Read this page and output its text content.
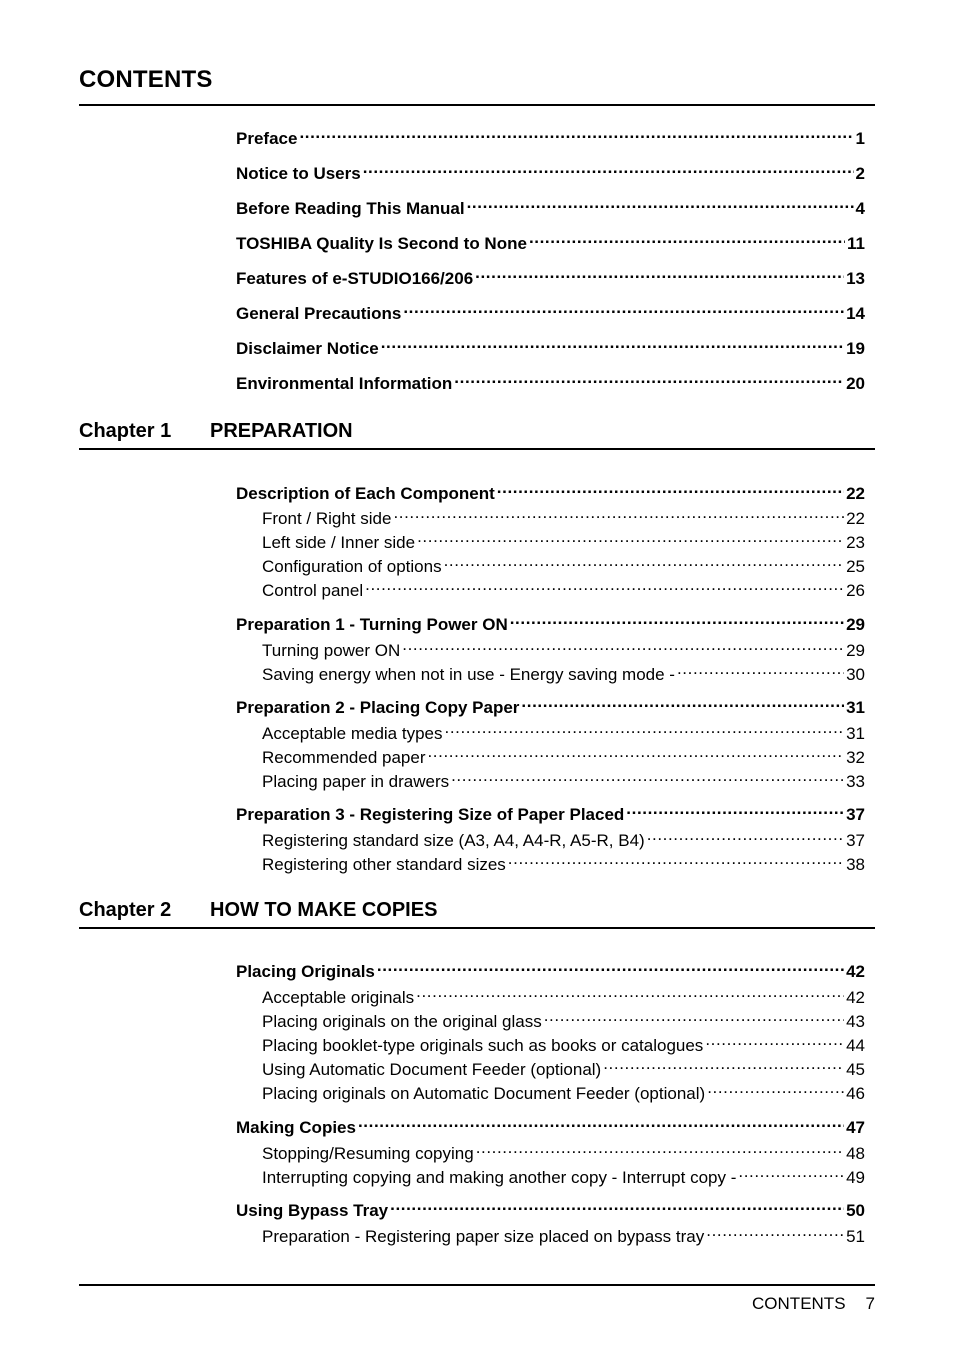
CONTENTS
Preface .....	1
Notice to Users .....	2
Before Reading This Manual .....	4
TOSHIBA Quality Is Second to None .....	11
Features of e-STUDIO166/206 .....	13
General Precautions .....	14
Disclaimer Notice .....	19
Environmental Information .....	20
Chapter 1 PREPARATION
Description of Each Component .....	22
Front / Right side .....	22
Left side / Inner side .....	23
Configuration of options .....	25
Control panel .....	26
Preparation 1 - Turning Power ON .....	29
Turning power ON .....	29
Saving energy when not in use - Energy saving mode - .....	30
Preparation 2 - Placing Copy Paper .....	31
Acceptable media types .....	31
Recommended paper .....	32
Placing paper in drawers .....	33
Preparation 3 - Registering Size of Paper Placed .....	37
Registering standard size (A3, A4, A4-R, A5-R, B4) .....	37
Registering other standard sizes .....	38
Chapter 2 HOW TO MAKE COPIES
Placing Originals .....	42
Acceptable originals .....	42
Placing originals on the original glass .....	43
Placing booklet-type originals such as books or catalogues .....	44
Using Automatic Document Feeder (optional) .....	45
Placing originals on Automatic Document Feeder (optional) .....	46
Making Copies .....	47
Stopping/Resuming copying .....	48
Interrupting copying and making another copy - Interrupt copy - .....	49
Using Bypass Tray .....	50
Preparation - Registering paper size placed on bypass tray .....	51
CONTENTS 7
